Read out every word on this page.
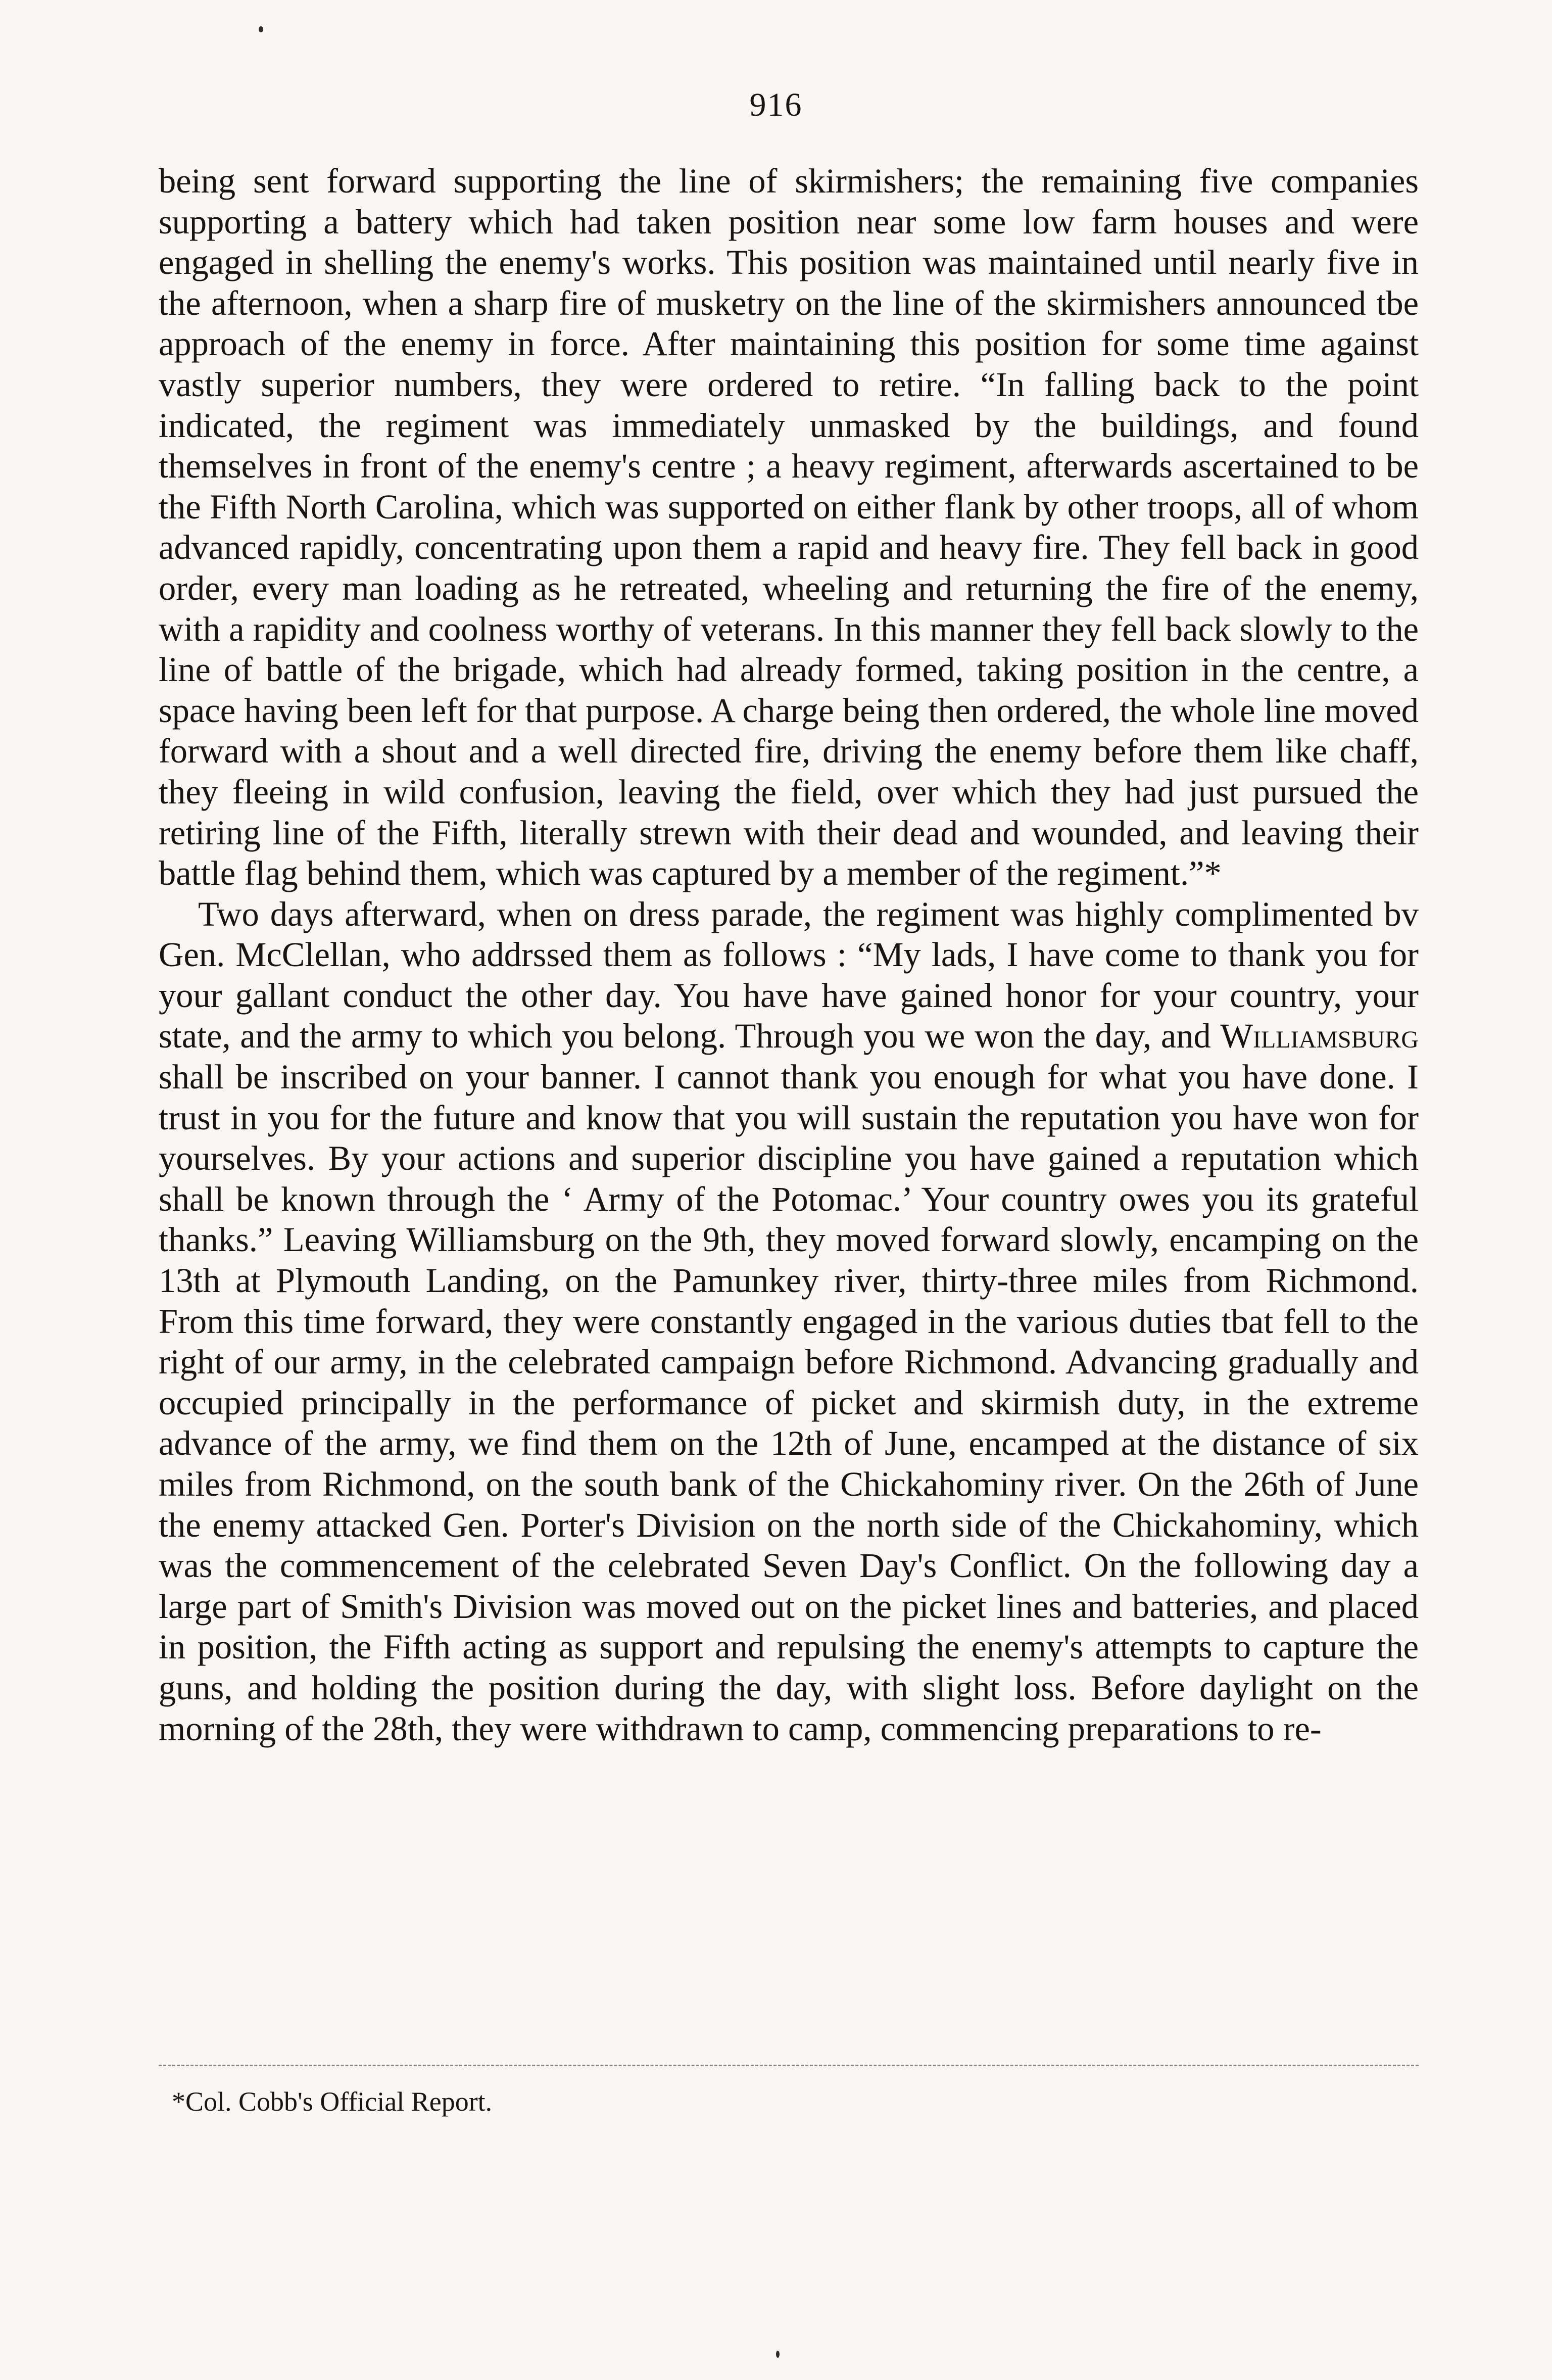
916

being sent forward supporting the line of skirmishers; the remaining five companies supporting a battery which had taken position near some low farm houses and were engaged in shelling the enemy's works. This position was maintained until nearly five in the afternoon, when a sharp fire of musketry on the line of the skirmishers announced tbe approach of the enemy in force. After maintaining this position for some time against vastly superior numbers, they were ordered to retire. “In falling back to the point indicated, the regiment was immediately unmasked by the buildings, and found themselves in front of the enemy's centre ; a heavy regiment, afterwards ascertained to be the Fifth North Carolina, which was supported on either flank by other troops, all of whom advanced rapidly, concentrating upon them a rapid and heavy fire. They fell back in good order, every man loading as he retreated, wheeling and returning the fire of the enemy, with a rapidity and coolness worthy of veterans. In this manner they fell back slowly to the line of battle of the brigade, which had already formed, taking position in the centre, a space having been left for that purpose. A charge being then ordered, the whole line moved forward with a shout and a well directed fire, driving the enemy before them like chaff, they fleeing in wild confusion, leaving the field, over which they had just pursued the retiring line of the Fifth, literally strewn with their dead and wounded, and leaving their battle flag behind them, which was captured by a member of the regiment.”*

Two days afterward, when on dress parade, the regiment was highly complimented bv Gen. McClellan, who addrssed them as follows : “My lads, I have come to thank you for your gallant conduct the other day. You have have gained honor for your country, your state, and the army to which you belong. Through you we won the day, and Williamsburg shall be inscribed on your banner. I cannot thank you enough for what you have done. I trust in you for the future and know that you will sustain the reputation you have won for yourselves. By your actions and superior discipline you have gained a reputation which shall be known through the ‘ Army of the Potomac.’ Your country owes you its grateful thanks.” Leaving Williamsburg on the 9th, they moved forward slowly, encamping on the 13th at Plymouth Landing, on the Pamunkey river, thirty-three miles from Richmond. From this time forward, they were constantly engaged in the various duties tbat fell to the right of our army, in the celebrated campaign before Richmond. Advancing gradually and occupied principally in the performance of picket and skirmish duty, in the extreme advance of the army, we find them on the 12th of June, encamped at the distance of six miles from Richmond, on the south bank of the Chickahominy river. On the 26th of June the enemy attacked Gen. Porter's Division on the north side of the Chickahominy, which was the commencement of the celebrated Seven Day's Conflict. On the following day a large part of Smith's Division was moved out on the picket lines and batteries, and placed in position, the Fifth acting as support and repulsing the enemy's attempts to capture the guns, and holding the position during the day, with slight loss. Before daylight on the morning of the 28th, they were withdrawn to camp, commencing preparations to re-

*Col. Cobb's Official Report.
